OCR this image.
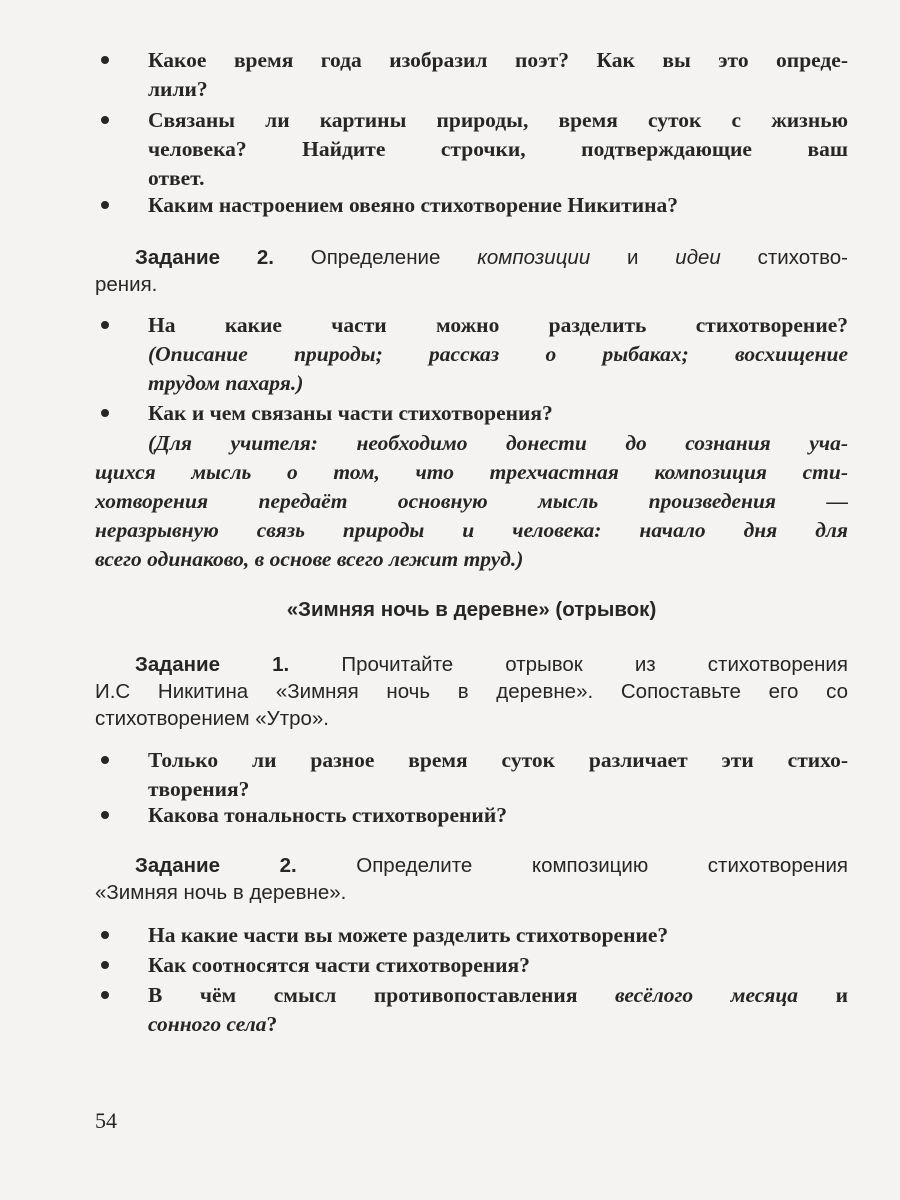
Какое время года изобразил поэт? Как вы это опреде-
лили?
Связаны ли картины природы, время суток с жизнью
человека? Найдите строчки, подтверждающие ваш
ответ.
Каким настроением овеяно стихотворение Никитина?
Задание 2. Определение композиции и идеи стихотво-
рения.
На какие части можно разделить стихотворение?
(Описание природы; рассказ о рыбаках; восхищение
трудом пахаря.)
Как и чем связаны части стихотворения?
(Для учителя: необходимо донести до сознания уча-
щихся мысль о том, что трехчастная композиция сти-
хотворения передаёт основную мысль произведения —
неразрывную связь природы и человека: начало дня для
всего одинаково, в основе всего лежит труд.)
«Зимняя ночь в деревне» (отрывок)
Задание 1. Прочитайте отрывок из стихотворения
И.С Никитина «Зимняя ночь в деревне». Сопоставьте его со
стихотворением «Утро».
Только ли разное время суток различает эти стихо-
творения?
Какова тональность стихотворений?
Задание 2. Определите композицию стихотворения
«Зимняя ночь в деревне».
На какие части вы можете разделить стихотворение?
Как соотносятся части стихотворения?
В чём смысл противопоставления весёлого месяца и
сонного села?
54
